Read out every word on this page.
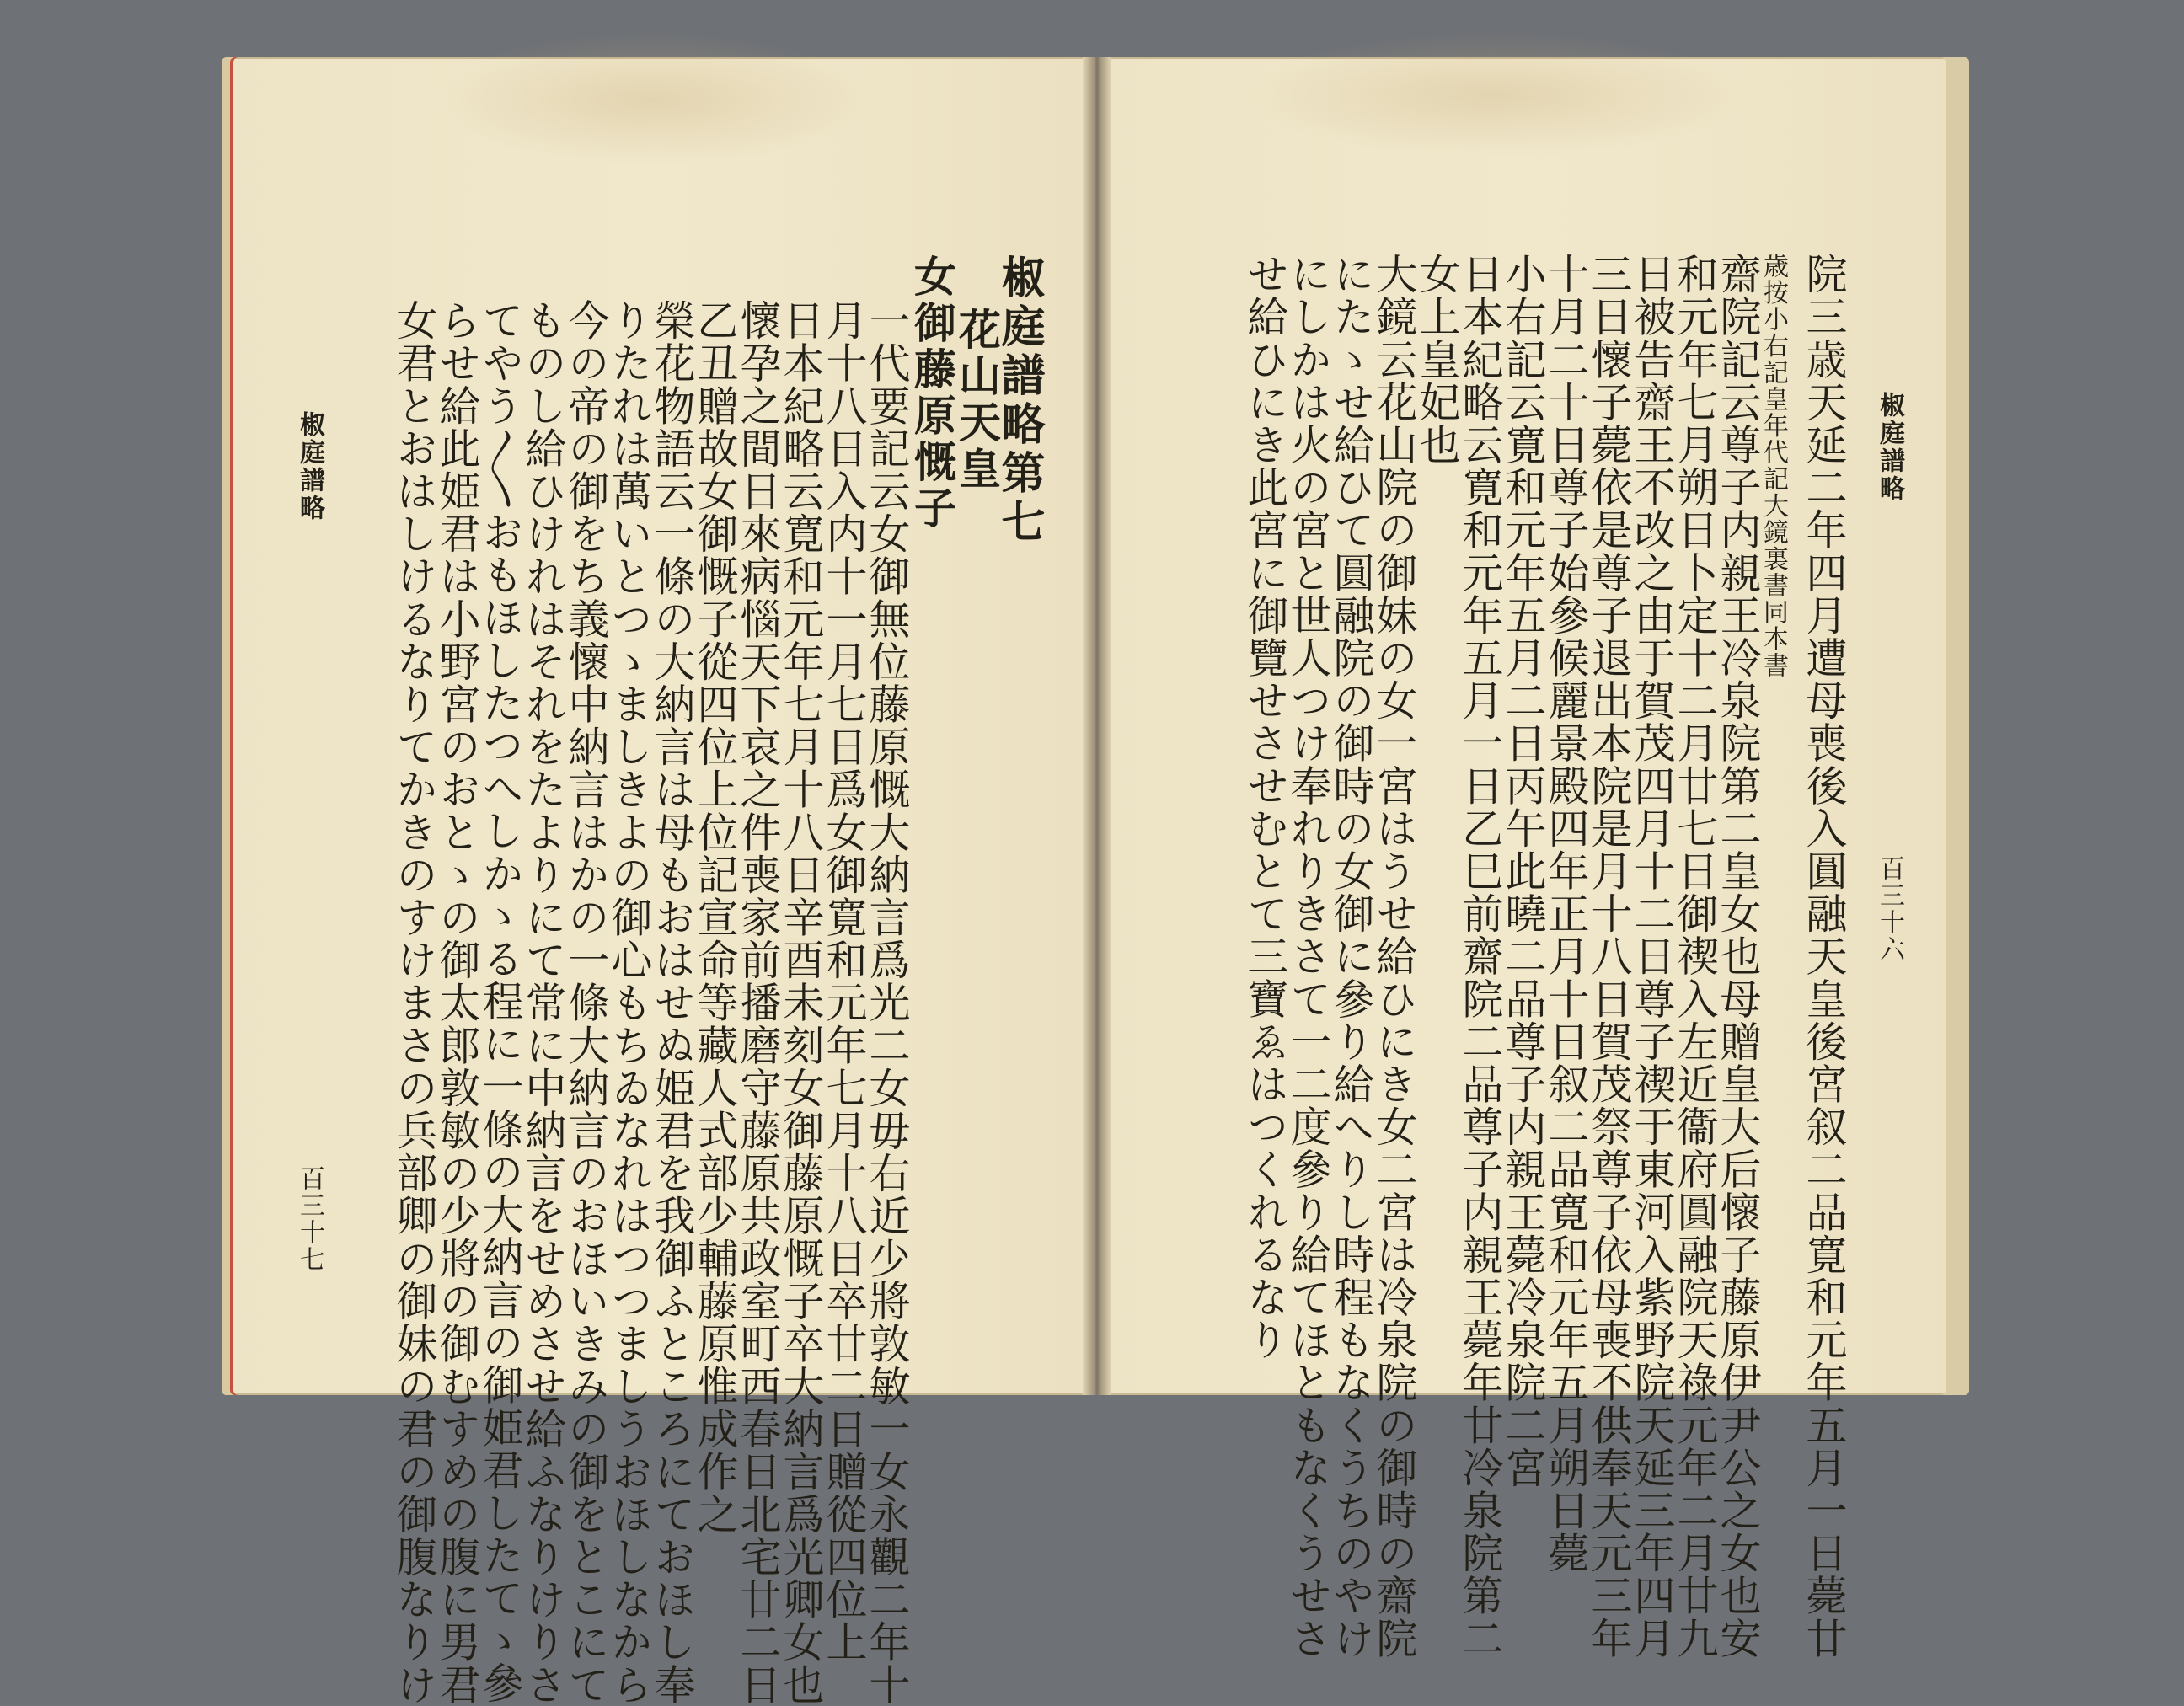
椒庭譜略
百三十七
椒庭譜略第七
花山天皇
女御藤原慨子
一代要記云女御無位藤原慨大納言爲光二女毋右近少將敦敏一女永觀二年十
月十八日入内十一月七日爲女御寛和元年七月十八日卒廿二日贈從四位上
日本紀略云寛和元年七月十八日辛酉未刻女御藤原慨子卒大納言爲光卿女也
懷孕之間日來病惱天下哀之件喪家前播磨守藤原共政室町西春日北宅廿二日
乙丑贈故女御慨子從四位上位記宣命等藏人式部少輔藤原惟成作之
榮花物語云一條の大納言は母もおはせぬ姫君を我御ふところにておほし奉
りたれは萬いとつゝましきよの御心もちゐなれはつつましうおほしなから
今の帝の御をち義懷中納言はかの一條大納言のおほいきみの御をとこにて
ものし給ひけれはそれをたよりにて常に中納言をせめさせ給ふなりけりさ
てやう〳〵おもほしたつへしかゝる程に一條の大納言の御姫君したてゝ參
らせ給此姫君は小野宮のおとゝの御太郎敦敏の少將の御むすめの腹に男君
女君とおはしけるなりてかきのすけまさの兵部卿の御妹の君の御腹なりけ	椒庭譜略
百三十六
院三歳天延二年四月遭母喪後入圓融天皇後宮叙二品寛和元年五月一日薨廿
歳按小右記皇年代記大鏡裏書同本書
齋院記云尊子内親王冷泉院第二皇女也母贈皇大后懷子藤原伊尹公之女也安
和元年七月朔日卜定十二月廿七日御禊入左近衞府圓融院天祿元年二月廿九
日被告齋王不改之由于賀茂四月十二日尊子禊于東河入紫野院天延三年四月
三日懷子薨依是尊子退出本院是月十八日賀茂祭尊子依母喪不供奉天元三年
十月二十日尊子始參候麗景殿四年正月十日叙二品寛和元年五月朔日薨
小右記云寛和元年五月二日丙午此曉二品尊子内親王薨冷泉院二宮
日本紀略云寛和元年五月一日乙巳前齋院二品尊子内親王薨年廿冷泉院第二
女上皇妃也
大鏡云花山院の御妹の女一宮はうせ給ひにき女二宮は冷泉院の御時の齋院
にたゝせ給ひて圓融院の御時の女御に參り給へりし時程もなくうちのやけ
にしかは火の宮と世人つけ奉れりきさて一二度參り給てほともなくうせさ
せ給ひにき此宮に御覽せさせむとて三寶ゑはつくれるなり
